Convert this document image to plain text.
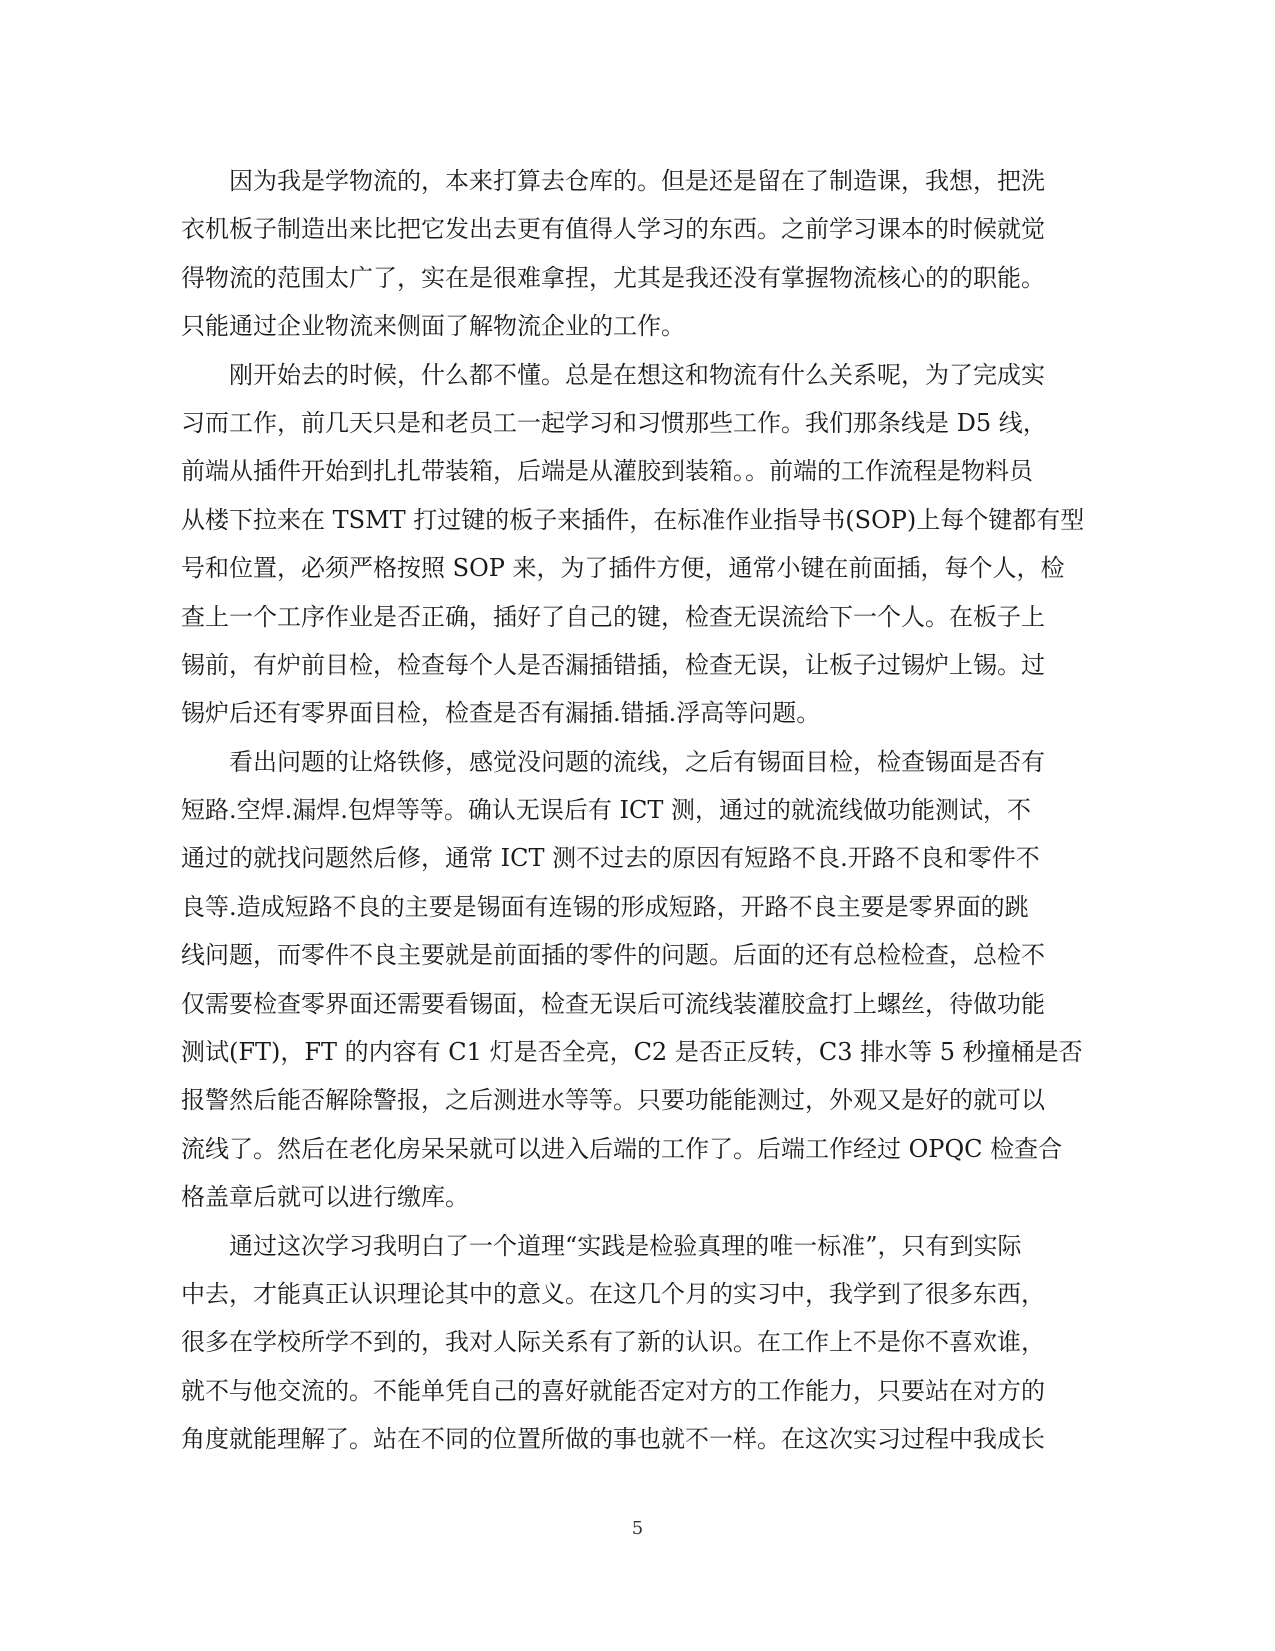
因为我是学物流的，本来打算去仓库的。但是还是留在了制造课，我想，把洗
衣机板子制造出来比把它发出去更有值得人学习的东西。之前学习课本的时候就觉
得物流的范围太广了，实在是很难拿捏，尤其是我还没有掌握物流核心的的职能。
只能通过企业物流来侧面了解物流企业的工作。
刚开始去的时候，什么都不懂。总是在想这和物流有什么关系呢，为了完成实
习而工作，前几天只是和老员工一起学习和习惯那些工作。我们那条线是 D5 线，
前端从插件开始到扎扎带装箱，后端是从灌胶到装箱。。前端的工作流程是物料员
从楼下拉来在 TSMT 打过键的板子来插件，在标准作业指导书(SOP)上每个键都有型
号和位置，必须严格按照 SOP 来，为了插件方便，通常小键在前面插，每个人，检
查上一个工序作业是否正确，插好了自己的键，检查无误流给下一个人。在板子上
锡前，有炉前目检，检查每个人是否漏插错插，检查无误，让板子过锡炉上锡。过
锡炉后还有零界面目检，检查是否有漏插.错插.浮高等问题。
看出问题的让烙铁修，感觉没问题的流线，之后有锡面目检，检查锡面是否有
短路.空焊.漏焊.包焊等等。确认无误后有 ICT 测，通过的就流线做功能测试，不
通过的就找问题然后修，通常 ICT 测不过去的原因有短路不良.开路不良和零件不
良等.造成短路不良的主要是锡面有连锡的形成短路，开路不良主要是零界面的跳
线问题，而零件不良主要就是前面插的零件的问题。后面的还有总检检查，总检不
仅需要检查零界面还需要看锡面，检查无误后可流线装灌胶盒打上螺丝，待做功能
测试(FT)，FT 的内容有 C1 灯是否全亮，C2 是否正反转，C3 排水等 5 秒撞桶是否
报警然后能否解除警报，之后测进水等等。只要功能能测过，外观又是好的就可以
流线了。然后在老化房呆呆就可以进入后端的工作了。后端工作经过 OPQC 检查合
格盖章后就可以进行缴库。
通过这次学习我明白了一个道理“实践是检验真理的唯一标准”，只有到实际
中去，才能真正认识理论其中的意义。在这几个月的实习中，我学到了很多东西，
很多在学校所学不到的，我对人际关系有了新的认识。在工作上不是你不喜欢谁，
就不与他交流的。不能单凭自己的喜好就能否定对方的工作能力，只要站在对方的
角度就能理解了。站在不同的位置所做的事也就不一样。在这次实习过程中我成长
5
